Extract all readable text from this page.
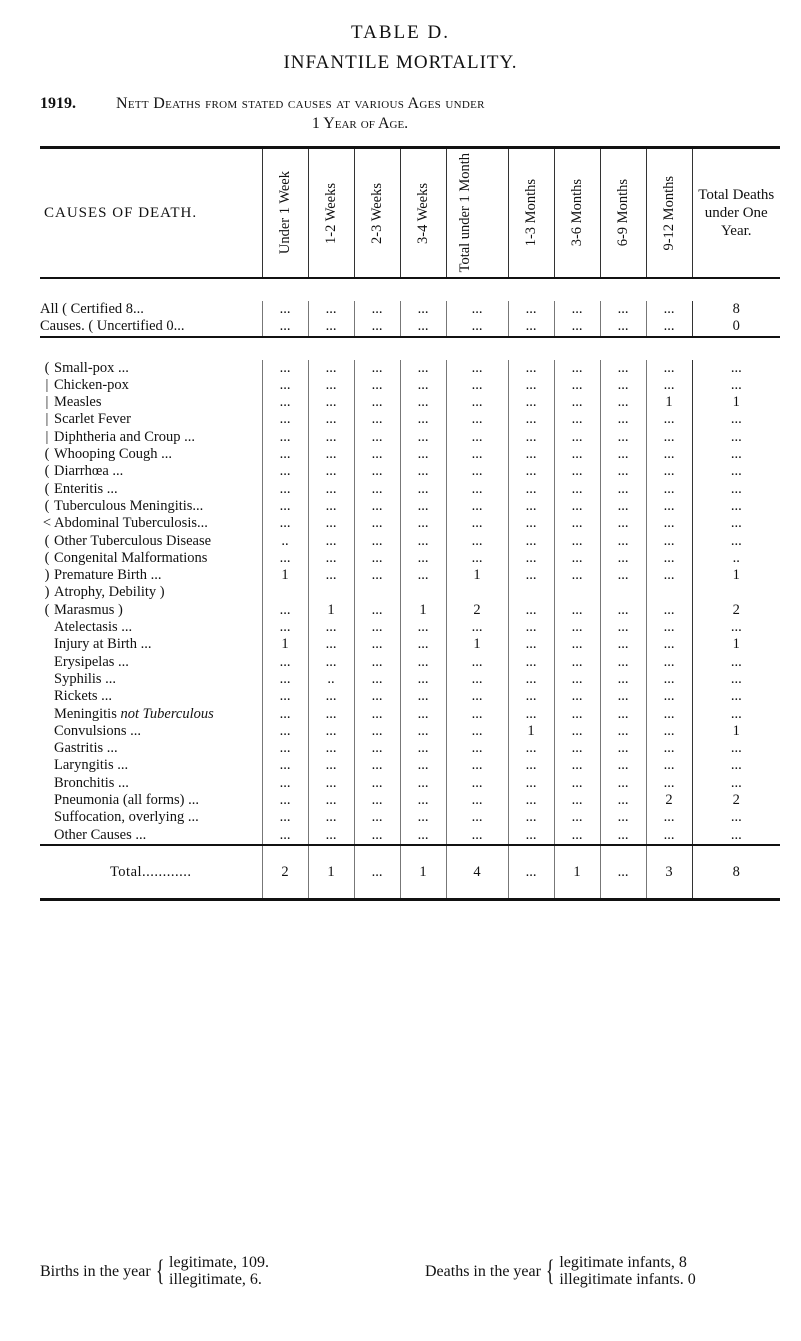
TABLE D.
INFANTILE MORTALITY.
1919.	Nett Deaths from stated causes at various Ages under
1 Year of Age.
CAUSES OF DEATH.	Under 1 Week	1-2 Weeks	2-3 Weeks	3-4 Weeks	Total under 1 Month	1-3 Months	3-6 Months	6-9 Months	9-12 Months	Total Deaths under One Year.

All ( Certified 8...	...	...	...	...	...	...	...	...	...	8
Causes. ( Uncertified 0...	...	...	...	...	...	...	...	...	...	0

( Small-pox ...	...	...	...	...	...	...	...	...	...	...
| Chicken-pox	...	...	...	...	...	...	...	...	...	...
| Measles	...	...	...	...	...	...	...	...	1	1
| Scarlet Fever	...	...	...	...	...	...	...	...	...	...
| Diphtheria and Croup ...	...	...	...	...	...	...	...	...	...	...
( Whooping Cough ...	...	...	...	...	...	...	...	...	...	...
( Diarrhœa ...	...	...	...	...	...	...	...	...	...	...
( Enteritis ...	...	...	...	...	...	...	...	...	...	...
( Tuberculous Meningitis...	...	...	...	...	...	...	...	...	...	...
< Abdominal Tuberculosis...	...	...	...	...	...	...	...	...	...	...
( Other Tuberculous Disease	..	...	...	...	...	...	...	...	...	...
( Congenital Malformations	...	...	...	...	...	...	...	...	...	..
) Premature Birth ...	1	...	...	...	1	...	...	...	...	1
) Atrophy, Debility )										
( Marasmus )	...	1	...	1	2	...	...	...	...	2
Atelectasis ...	...	...	...	...	...	...	...	...	...	...
Injury at Birth ...	1	...	...	...	1	...	...	...	...	1
Erysipelas ...	...	...	...	...	...	...	...	...	...	...
Syphilis ...	...	..	...	...	...	...	...	...	...	...
Rickets ...	...	...	...	...	...	...	...	...	...	...
Meningitis not Tuberculous	...	...	...	...	...	...	...	...	...	...
Convulsions ...	...	...	...	...	...	1	...	...	...	1
Gastritis ...	...	...	...	...	...	...	...	...	...	...
Laryngitis ...	...	...	...	...	...	...	...	...	...	...
Bronchitis ...	...	...	...	...	...	...	...	...	...	...
Pneumonia (all forms) ...	...	...	...	...	...	...	...	...	2	2
Suffocation, overlying ...	...	...	...	...	...	...	...	...	...	...
Other Causes ...	...	...	...	...	...	...	...	...	...	...
Total............	2	1	...	1	4	...	1	...	3	8
Births in the year { legitimate, 109.
illegitimate, 6.	Deaths in the year { legitimate infants, 8
illegitimate infants. 0
